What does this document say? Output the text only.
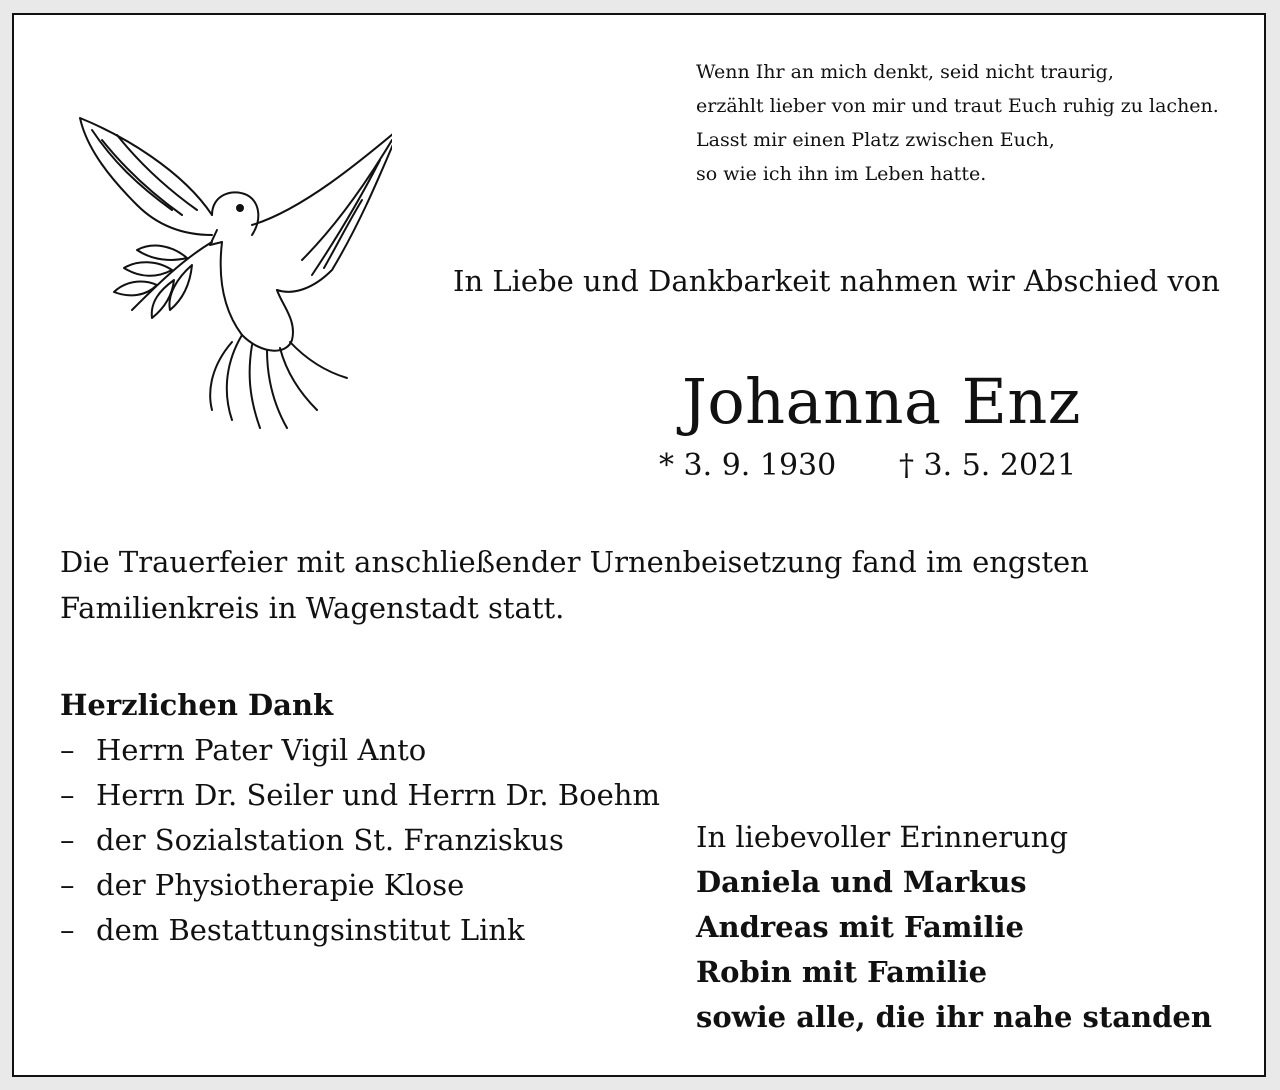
Wenn Ihr an mich denkt, seid nicht traurig,
erzählt lieber von mir und traut Euch ruhig zu lachen.
Lasst mir einen Platz zwischen Euch,
so wie ich ihn im Leben hatte.
In Liebe und Dankbarkeit nahmen wir Abschied von
Johanna Enz
* 3. 9. 1930 † 3. 5. 2021
Die Trauerfeier mit anschließender Urnenbeisetzung fand im engsten Familienkreis in Wagenstadt statt.
Herzlichen Dank
– Herrn Pater Vigil Anto
– Herrn Dr. Seiler und Herrn Dr. Boehm
– der Sozialstation St. Franziskus
– der Physiotherapie Klose
– dem Bestattungsinstitut Link
In liebevoller Erinnerung
Daniela und Markus
Andreas mit Familie
Robin mit Familie
sowie alle, die ihr nahe standen
